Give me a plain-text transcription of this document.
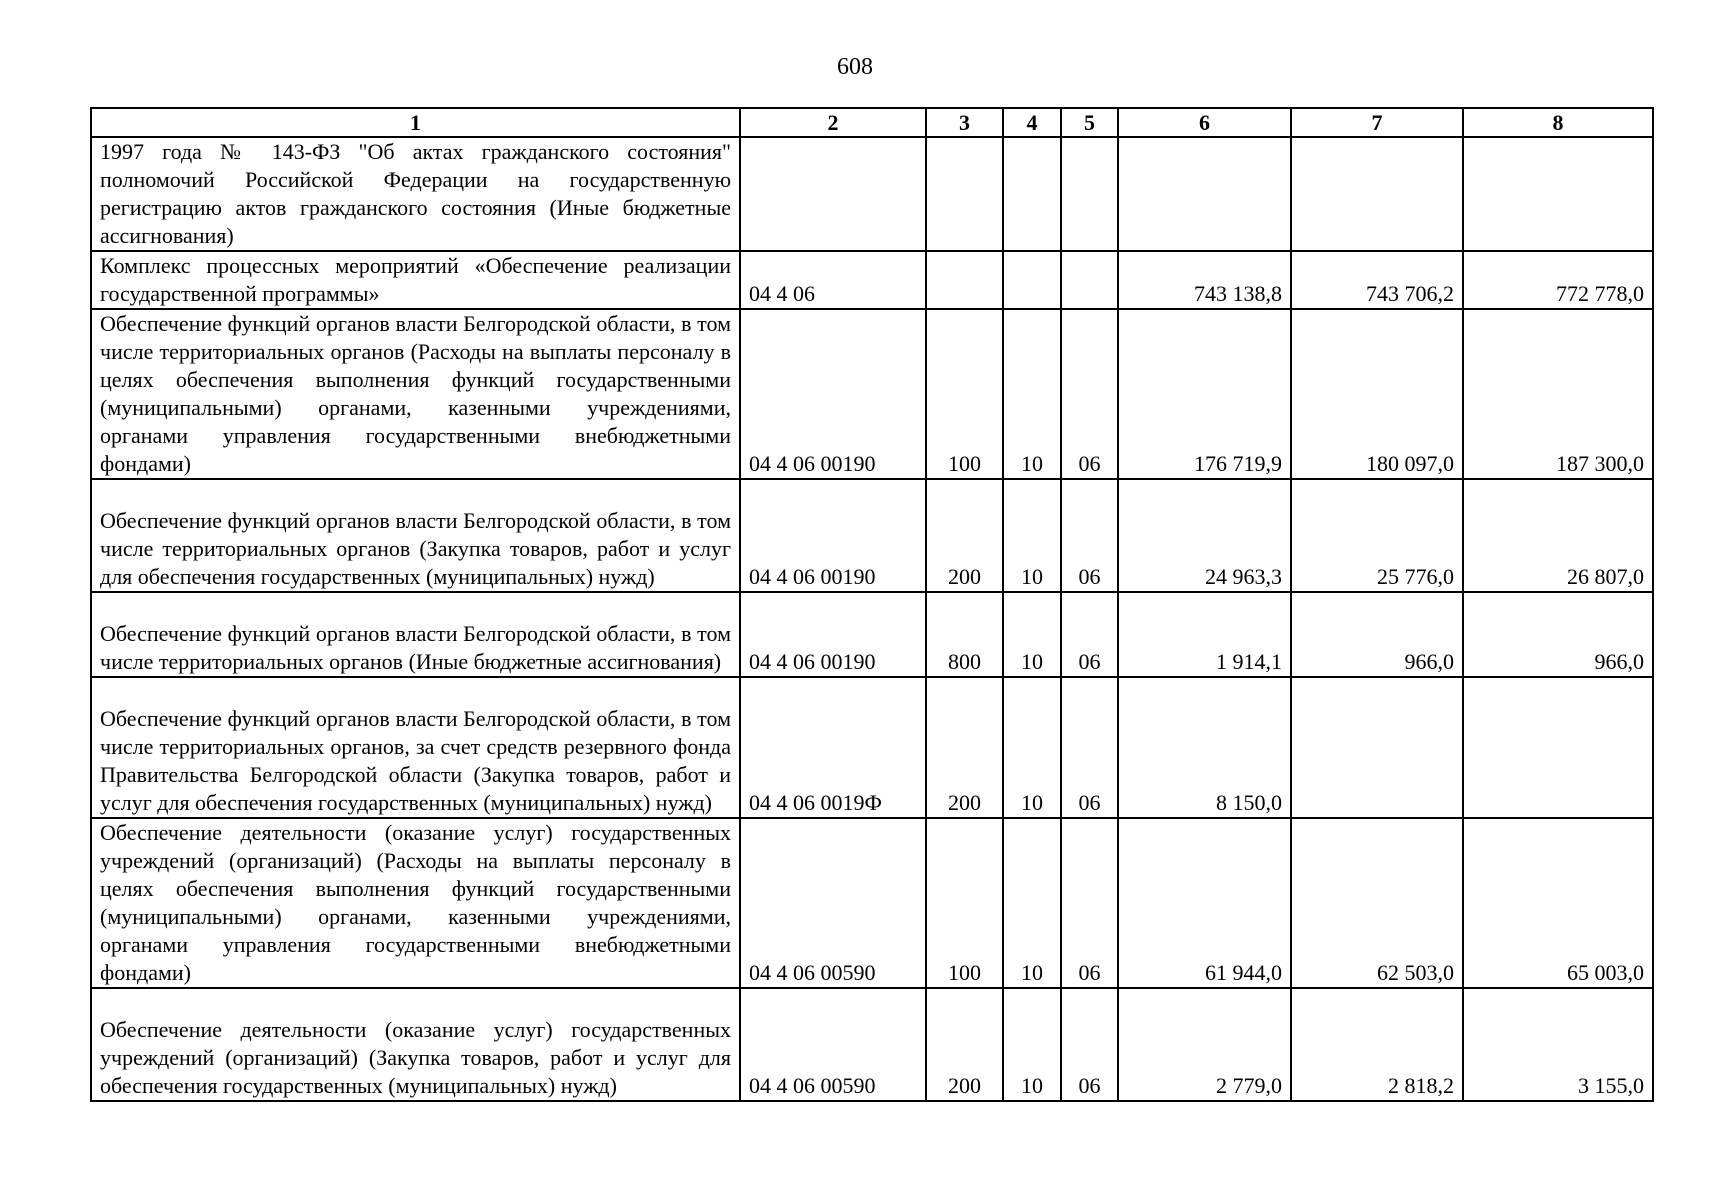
608
1	2	3	4	5	6	7	8
1997 года № 143-ФЗ "Об актах гражданского состояния" полномочий Российской Федерации на государственную регистрацию актов гражданского состояния (Иные бюджетные ассигнования)							
Комплекс процессных мероприятий «Обеспечение реализации государственной программы»	04 4 06				743 138,8	743 706,2	772 778,0
Обеспечение функций органов власти Белгородской области, в том числе территориальных органов (Расходы на выплаты персоналу в целях обеспечения выполнения функций государственными (муниципальными) органами, казенными учреждениями, органами управления государственными внебюджетными фондами)	04 4 06 00190	100	10	06	176 719,9	180 097,0	187 300,0
Обеспечение функций органов власти Белгородской области, в том числе территориальных органов (Закупка товаров, работ и услуг для обеспечения государственных (муниципальных) нужд)	04 4 06 00190	200	10	06	24 963,3	25 776,0	26 807,0
Обеспечение функций органов власти Белгородской области, в том числе территориальных органов (Иные бюджетные ассигнования)	04 4 06 00190	800	10	06	1 914,1	966,0	966,0
Обеспечение функций органов власти Белгородской области, в том числе территориальных органов, за счет средств резервного фонда Правительства Белгородской области (Закупка товаров, работ и услуг для обеспечения государственных (муниципальных) нужд)	04 4 06 0019Ф	200	10	06	8 150,0		
Обеспечение деятельности (оказание услуг) государственных учреждений (организаций) (Расходы на выплаты персоналу в целях обеспечения выполнения функций государственными (муниципальными) органами, казенными учреждениями, органами управления государственными внебюджетными фондами)	04 4 06 00590	100	10	06	61 944,0	62 503,0	65 003,0
Обеспечение деятельности (оказание услуг) государственных учреждений (организаций) (Закупка товаров, работ и услуг для обеспечения государственных (муниципальных) нужд)	04 4 06 00590	200	10	06	2 779,0	2 818,2	3 155,0
